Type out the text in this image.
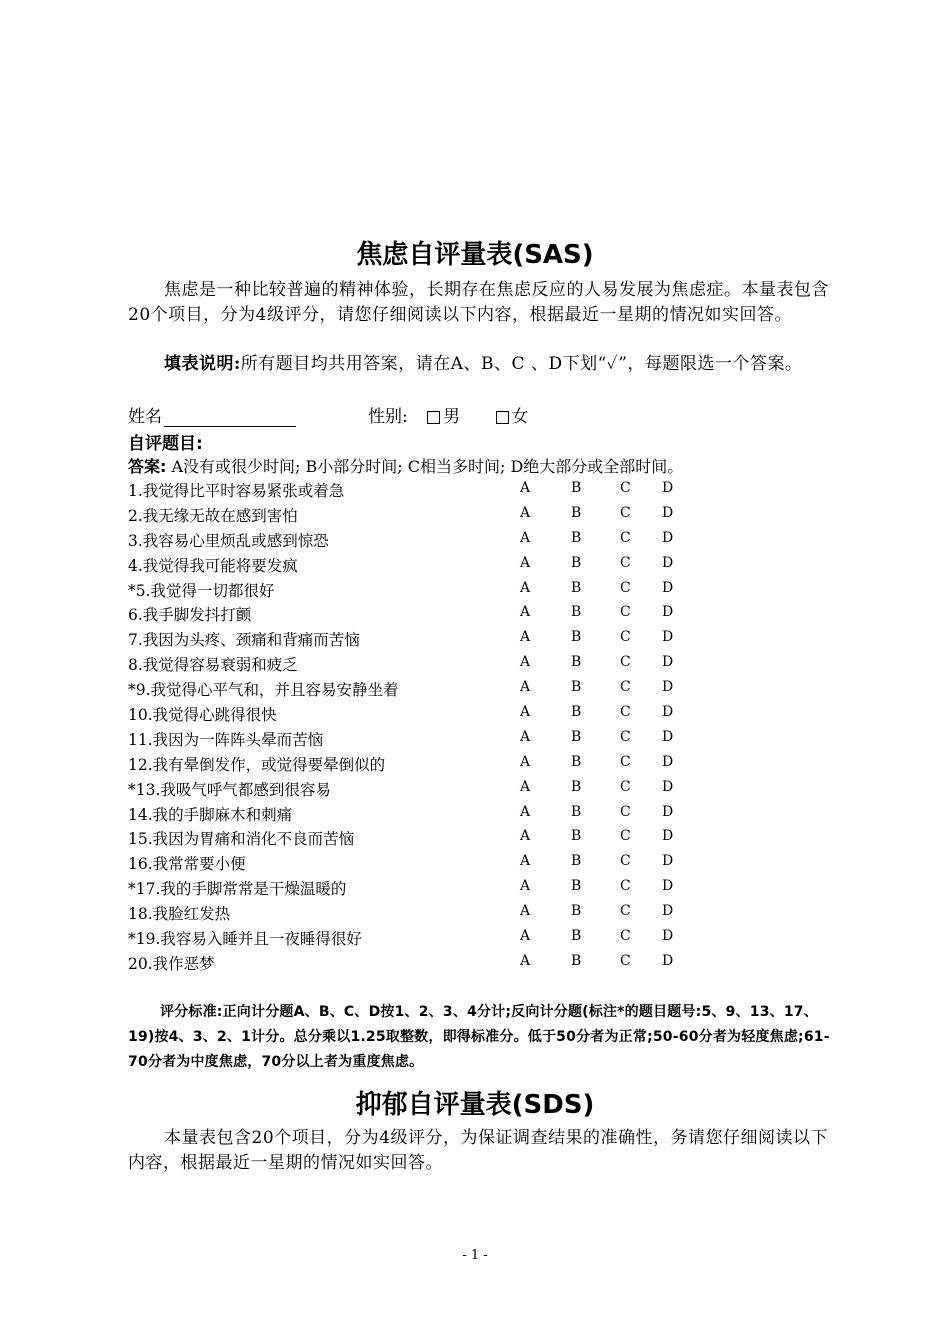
焦虑自评量表(SAS)
焦虑是一种比较普遍的精神体验，长期存在焦虑反应的人易发展为焦虑症。本量表包含20个项目，分为4级评分，请您仔细阅读以下内容，根据最近一星期的情况如实回答。
填表说明:所有题目均共用答案，请在A、B、C 、D下划“✓”，每题限选一个答案。
姓名	性别: 男	女
自评题目:
答案: A没有或很少时间; B小部分时间; C相当多时间; D绝大部分或全部时间。
1.我觉得比平时容易紧张或着急	A	B	C D
2.我无缘无故在感到害怕	A	B	C D
3.我容易心里烦乱或感到惊恐	A	B	C D
4.我觉得我可能将要发疯	A	B	C D
*5.我觉得一切都很好	A	B	C D
6.我手脚发抖打颤	A	B	C D
7.我因为头疼、颈痛和背痛而苦恼	A	B	C D
8.我觉得容易衰弱和疲乏	A	B	C D
*9.我觉得心平气和，并且容易安静坐着	A	B	C D
10.我觉得心跳得很快	A	B	C D
11.我因为一阵阵头晕而苦恼	A	B	C D
12.我有晕倒发作，或觉得要晕倒似的	A	B	C D
*13.我吸气呼气都感到很容易	A	B	C D
14.我的手脚麻木和刺痛	A	B	C D
15.我因为胃痛和消化不良而苦恼	A	B	C D
16.我常常要小便	A	B	C D
*17.我的手脚常常是干燥温暖的	A	B	C D
18.我脸红发热	A	B	C D
*19.我容易入睡并且一夜睡得很好	A	B	C D
20.我作恶梦	A	B	C D
评分标准:正向计分题A、B、C、D按1、2、3、4分计;反向计分题(标注*的题目题号:5、9、13、17、19)按4、3、2、1计分。总分乘以1.25取整数，即得标准分。低于50分者为正常;50-60分者为轻度焦虑;61-70分者为中度焦虑，70分以上者为重度焦虑。
抑郁自评量表(SDS)
本量表包含20个项目，分为4级评分，为保证调查结果的准确性，务请您仔细阅读以下内容，根据最近一星期的情况如实回答。
- 1 -
